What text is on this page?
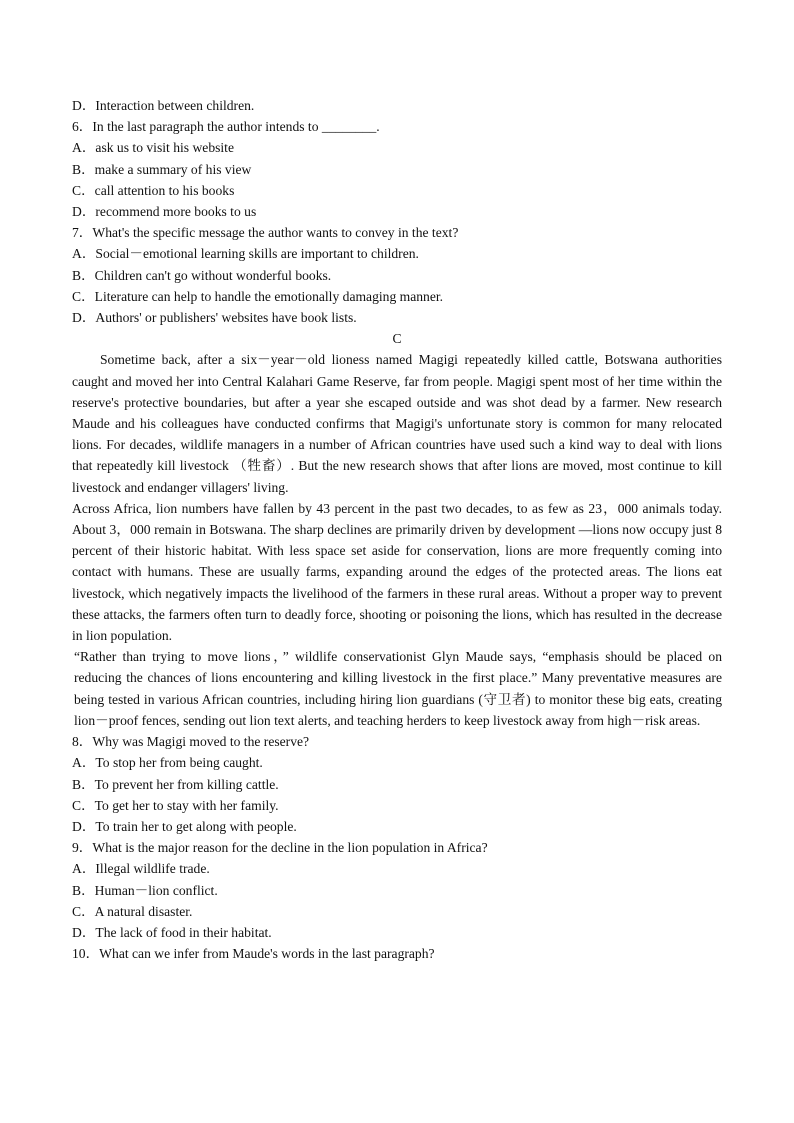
D．Interaction between children.
6．In the last paragraph the author intends to ________.
A．ask us to visit his website
B．make a summary of his view
C．call attention to his books
D．recommend more books to us
7．What's the specific message the author wants to convey in the text?
A．Social－emotional learning skills are important to children.
B．Children can't go without wonderful books.
C．Literature can help to handle the emotionally damaging manner.
D．Authors' or publishers' websites have book lists.
C
Sometime back, after a six－year－old lioness named Magigi repeatedly killed cattle, Botswana authorities caught and moved her into Central Kalahari Game Reserve, far from people. Magigi spent most of her time within the reserve's protective boundaries, but after a year she escaped outside and was shot dead by a farmer. New research Maude and his colleagues have conducted confirms that Magigi's unfortunate story is common for many relocated lions. For decades, wildlife managers in a number of African countries have used such a kind way to deal with lions that repeatedly kill livestock （牲畜）. But the new research shows that after lions are moved, most continue to kill livestock and endanger villagers' living.
Across Africa, lion numbers have fallen by 43 percent in the past two decades, to as few as 23，000 animals today. About 3，000 remain in Botswana. The sharp declines are primarily driven by development —lions now occupy just 8 percent of their historic habitat. With less space set aside for conservation, lions are more frequently coming into contact with humans. These are usually farms, expanding around the edges of the protected areas. The lions eat livestock, which negatively impacts the livelihood of the farmers in these rural areas. Without a proper way to prevent these attacks, the farmers often turn to deadly force, shooting or poisoning the lions, which has resulted in the decrease in lion population.
“Rather than trying to move lions，” wildlife conservationist Glyn Maude says, “emphasis should be placed on reducing the chances of lions encountering and killing livestock in the first place.” Many preventative measures are being tested in various African countries, including hiring lion guardians (守卫者) to monitor these big eats, creating lion－proof fences, sending out lion text alerts, and teaching herders to keep livestock away from high－risk areas.
8．Why was Magigi moved to the reserve?
A．To stop her from being caught.
B．To prevent her from killing cattle.
C．To get her to stay with her family.
D．To train her to get along with people.
9．What is the major reason for the decline in the lion population in Africa?
A．Illegal wildlife trade.
B．Human－lion conflict.
C．A natural disaster.
D．The lack of food in their habitat.
10．What can we infer from Maude's words in the last paragraph?
